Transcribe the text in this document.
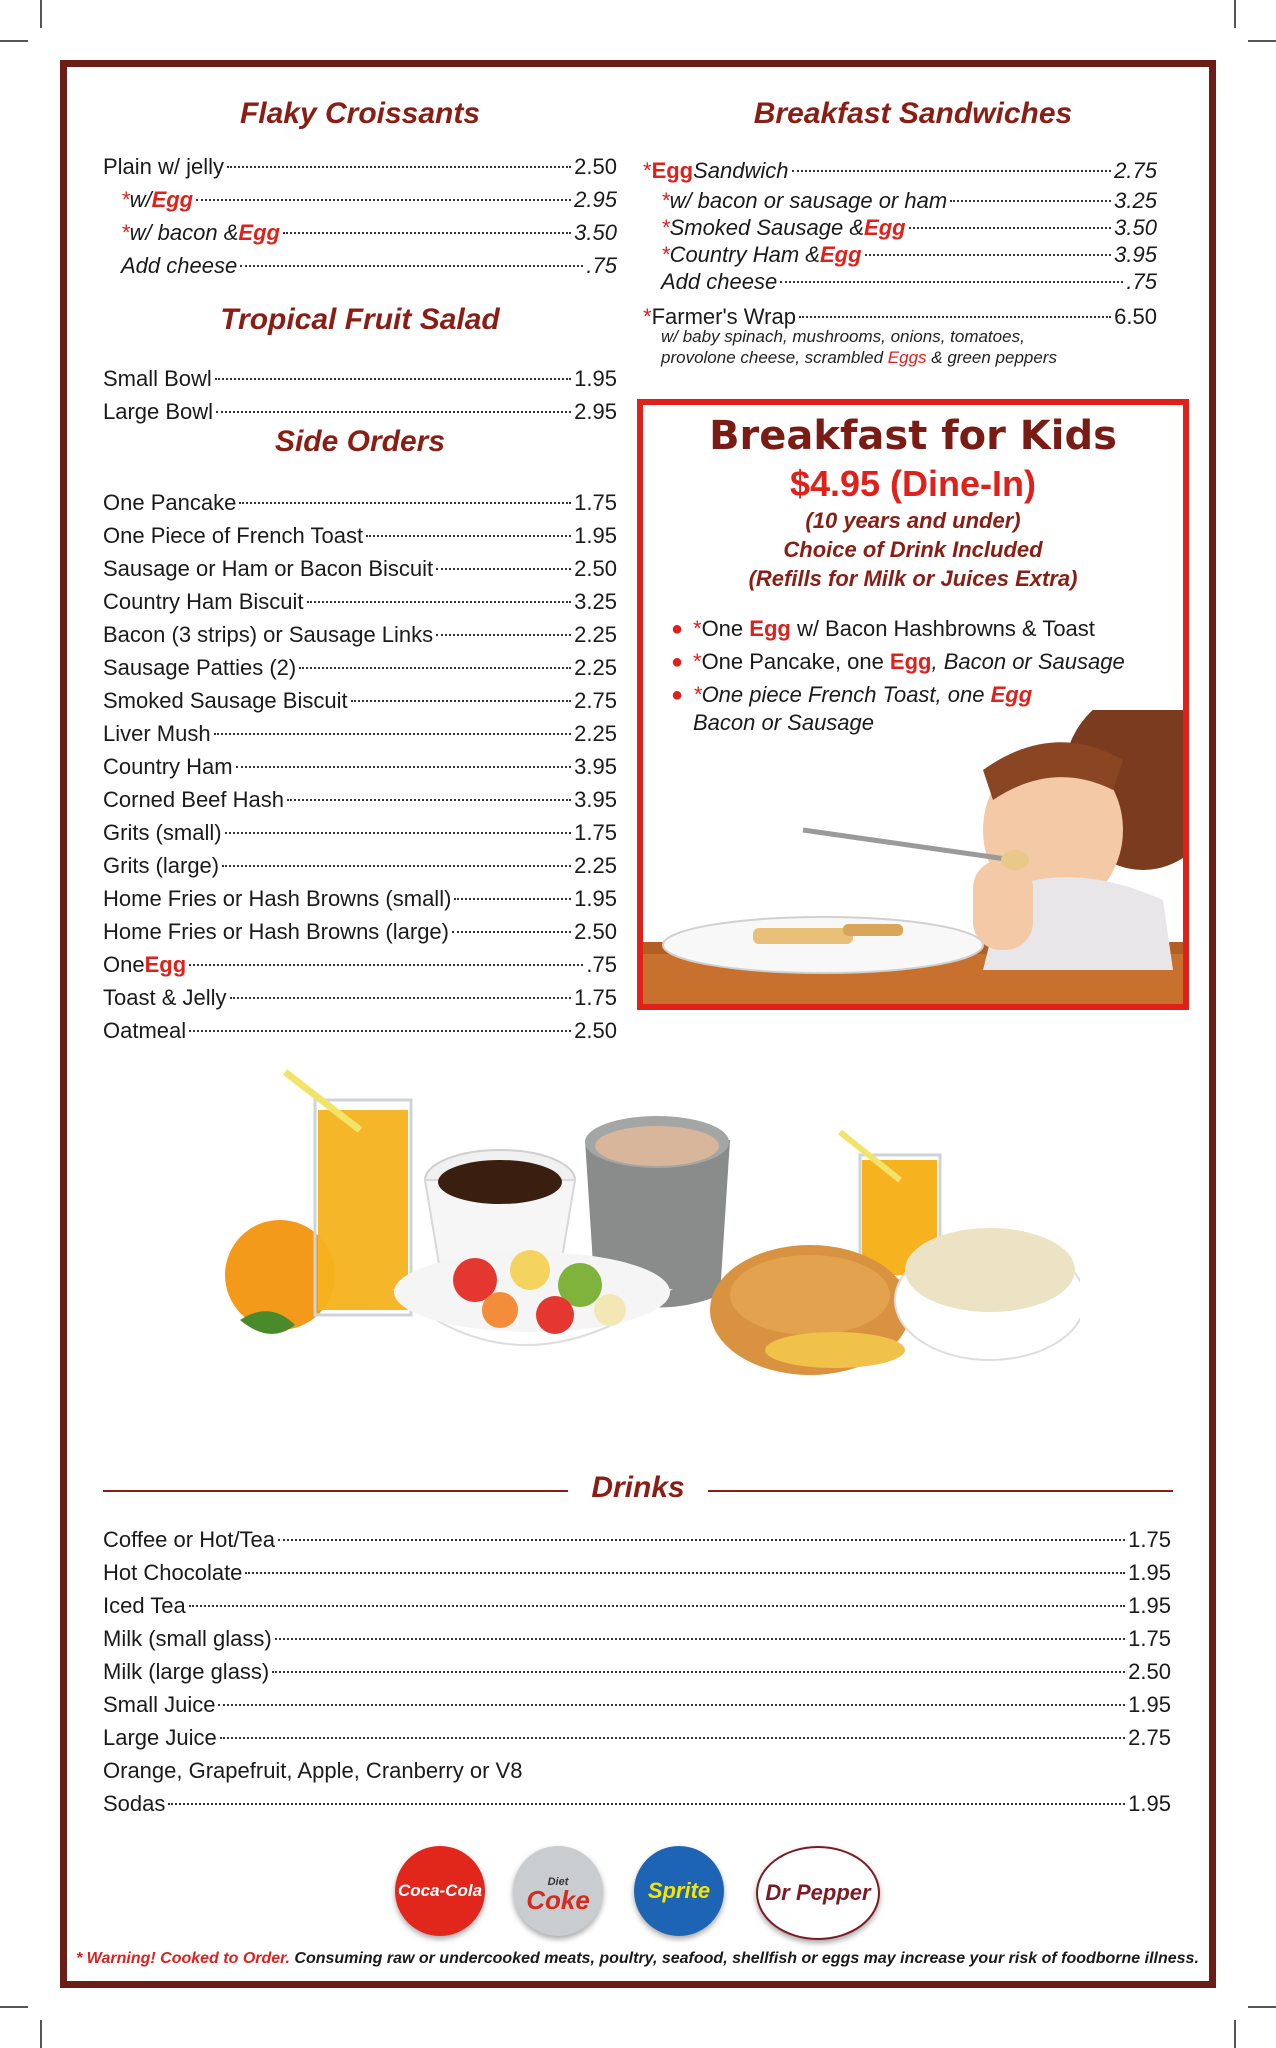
Flaky Croissants
Plain w/ jelly	2.50
* w/ Egg	2.95
* w/ bacon & Egg	3.50
Add cheese	.75
Tropical Fruit Salad
Small Bowl	1.95
Large Bowl	2.95
Side Orders
One Pancake	1.75
One Piece of French Toast	1.95
Sausage or Ham or Bacon Biscuit	2.50
Country Ham Biscuit	3.25
Bacon (3 strips) or Sausage Links	2.25
Sausage Patties (2)	2.25
Smoked Sausage Biscuit	2.75
Liver Mush	2.25
Country Ham	3.95
Corned Beef Hash	3.95
Grits (small)	1.75
Grits (large)	2.25
Home Fries or Hash Browns (small)	1.95
Home Fries or Hash Browns (large)	2.50
One Egg	.75
Toast & Jelly	1.75
Oatmeal	2.50
Breakfast Sandwiches
* Egg Sandwich	2.75
* w/ bacon or sausage or ham	3.25
* Smoked Sausage & Egg	3.50
* Country Ham & Egg	3.95
Add cheese	.75
* Farmer's Wrap	6.50
w/ baby spinach, mushrooms, onions, tomatoes,
provolone cheese, scrambled Eggs & green peppers
Breakfast for Kids
$4.95 (Dine-In)
(10 years and under)
Choice of Drink Included
(Refills for Milk or Juices Extra)
● *One Egg w/ Bacon Hashbrowns & Toast
● *One Pancake, one Egg, Bacon or Sausage
● *One piece French Toast, one Egg
Bacon or Sausage
Drinks
Coffee or Hot/Tea	1.75
Hot Chocolate	1.95
Iced Tea	1.95
Milk (small glass)	1.75
Milk (large glass)	2.50
Small Juice	1.95
Large Juice	2.75
Orange, Grapefruit, Apple, Cranberry or V8
Sodas	1.95
Coca-Cola	Diet
Coke	Sprite	Dr Pepper
* Warning! Cooked to Order. Consuming raw or undercooked meats, poultry, seafood, shellfish or eggs may increase your risk of foodborne illness.
